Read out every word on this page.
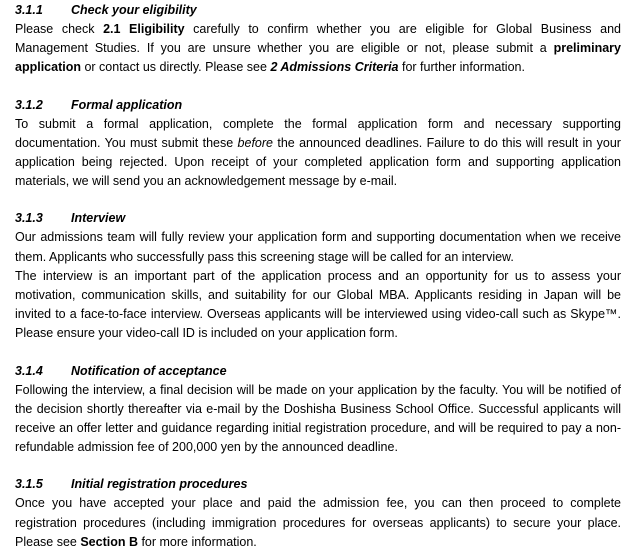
3.1.1 Check your eligibility

Please check 2.1 Eligibility carefully to confirm whether you are eligible for Global Business and Management Studies. If you are unsure whether you are eligible or not, please submit a preliminary application or contact us directly. Please see 2 Admissions Criteria for further information.

3.1.2 Formal application

To submit a formal application, complete the formal application form and necessary supporting documentation. You must submit these before the announced deadlines. Failure to do this will result in your application being rejected. Upon receipt of your completed application form and supporting application materials, we will send you an acknowledgement message by e-mail.

3.1.3 Interview

Our admissions team will fully review your application form and supporting documentation when we receive them. Applicants who successfully pass this screening stage will be called for an interview.

The interview is an important part of the application process and an opportunity for us to assess your motivation, communication skills, and suitability for our Global MBA. Applicants residing in Japan will be invited to a face-to-face interview. Overseas applicants will be interviewed using video-call such as Skype™. Please ensure your video-call ID is included on your application form.

3.1.4 Notification of acceptance

Following the interview, a final decision will be made on your application by the faculty. You will be notified of the decision shortly thereafter via e-mail by the Doshisha Business School Office. Successful applicants will receive an offer letter and guidance regarding initial registration procedure, and will be required to pay a non-refundable admission fee of 200,000 yen by the announced deadline.

3.1.5 Initial registration procedures

Once you have accepted your place and paid the admission fee, you can then proceed to complete registration procedures (including immigration procedures for overseas applicants) to secure your place. Please see Section B for more information.
